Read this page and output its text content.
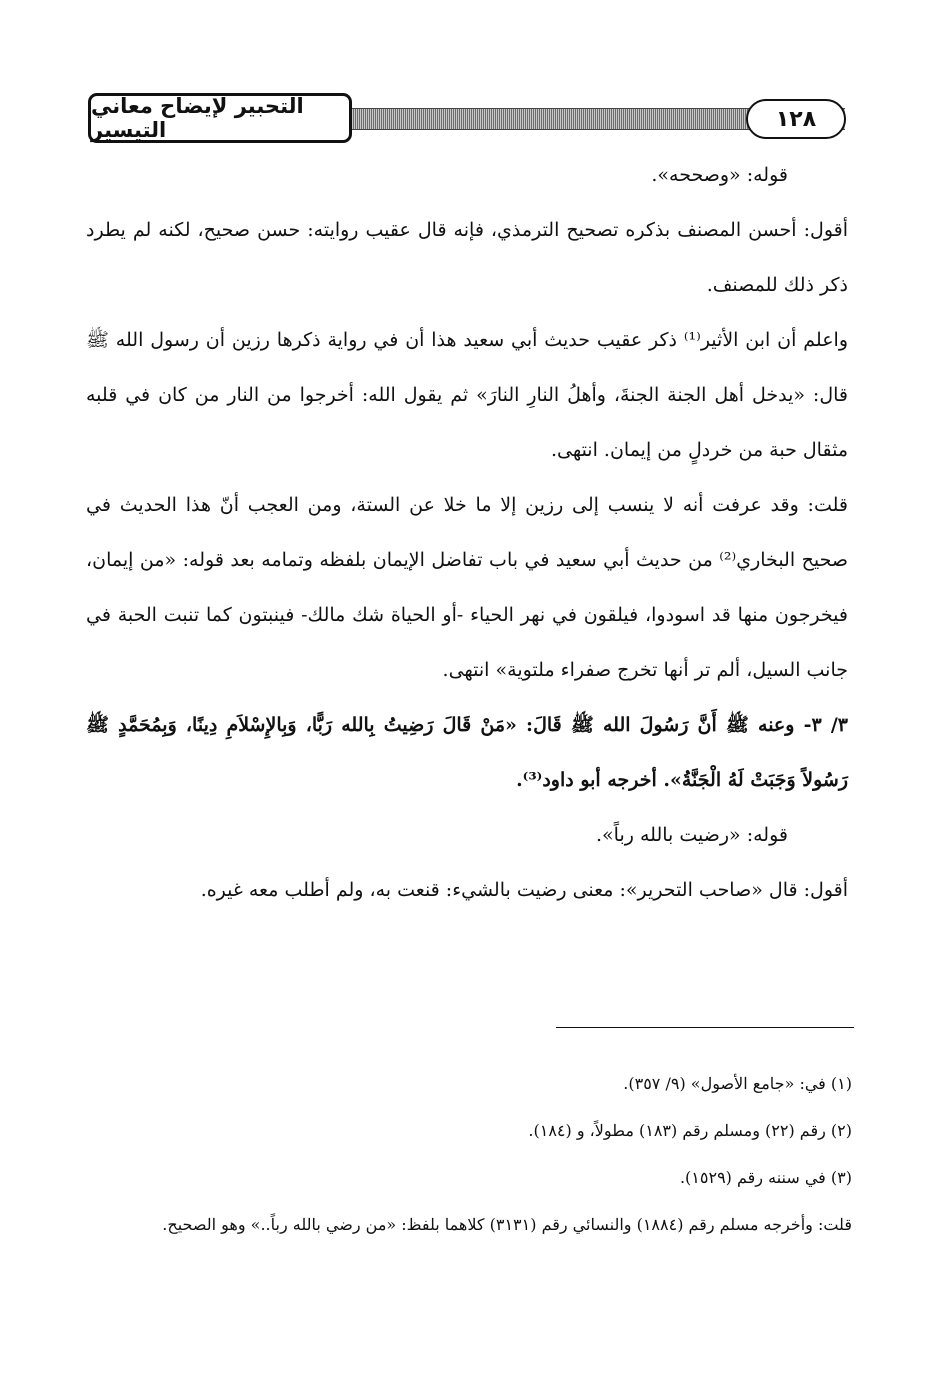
التحبير لإيضاح معاني التيسير	١٢٨

قوله: «وصححه».

أقول: أحسن المصنف بذكره تصحيح الترمذي، فإنه قال عقيب روايته: حسن صحيح، لكنه لم يطرد ذكر ذلك للمصنف.

واعلم أن ابن الأثير⁽¹⁾ ذكر عقيب حديث أبي سعيد هذا أن في رواية ذكرها رزين أن رسول الله ﷺ قال: «يدخل أهل الجنة الجنةَ، وأهلُ النارِ النارَ» ثم يقول الله: أخرجوا من النار من كان في قلبه مثقال حبة من خردلٍ من إيمان. انتهى.

قلت: وقد عرفت أنه لا ينسب إلى رزين إلا ما خلا عن الستة، ومن العجب أنّ هذا الحديث في صحيح البخاري⁽²⁾ من حديث أبي سعيد في باب تفاضل الإيمان بلفظه وتمامه بعد قوله: «من إيمان، فيخرجون منها قد اسودوا، فيلقون في نهر الحياء -أو الحياة شك مالك- فينبتون كما تنبت الحبة في جانب السيل، ألم تر أنها تخرج صفراء ملتوية» انتهى.

٣/ ٣- وعنه ﷺ أَنَّ رَسُولَ الله ﷺ قَالَ: «مَنْ قَالَ رَضِيتُ بِالله رَبًّا، وَبِالإِسْلاَمِ دِينًا، وَبِمُحَمَّدٍ ﷺ رَسُولاً وَجَبَتْ لَهُ الْجَنَّةُ». أخرجه أبو داود⁽³⁾.

قوله: «رضيت بالله رباً».

أقول: قال «صاحب التحرير»: معنى رضيت بالشيء: قنعت به، ولم أطلب معه غيره.

(١) في: «جامع الأصول» (٩/ ٣٥٧).

(٢) رقم (٢٢) ومسلم رقم (١٨٣) مطولاً، و (١٨٤).

(٣) في سننه رقم (١٥٢٩).

قلت: وأخرجه مسلم رقم (١٨٨٤) والنسائي رقم (٣١٣١) كلاهما بلفظ: «من رضي بالله رباً..» وهو الصحيح.
